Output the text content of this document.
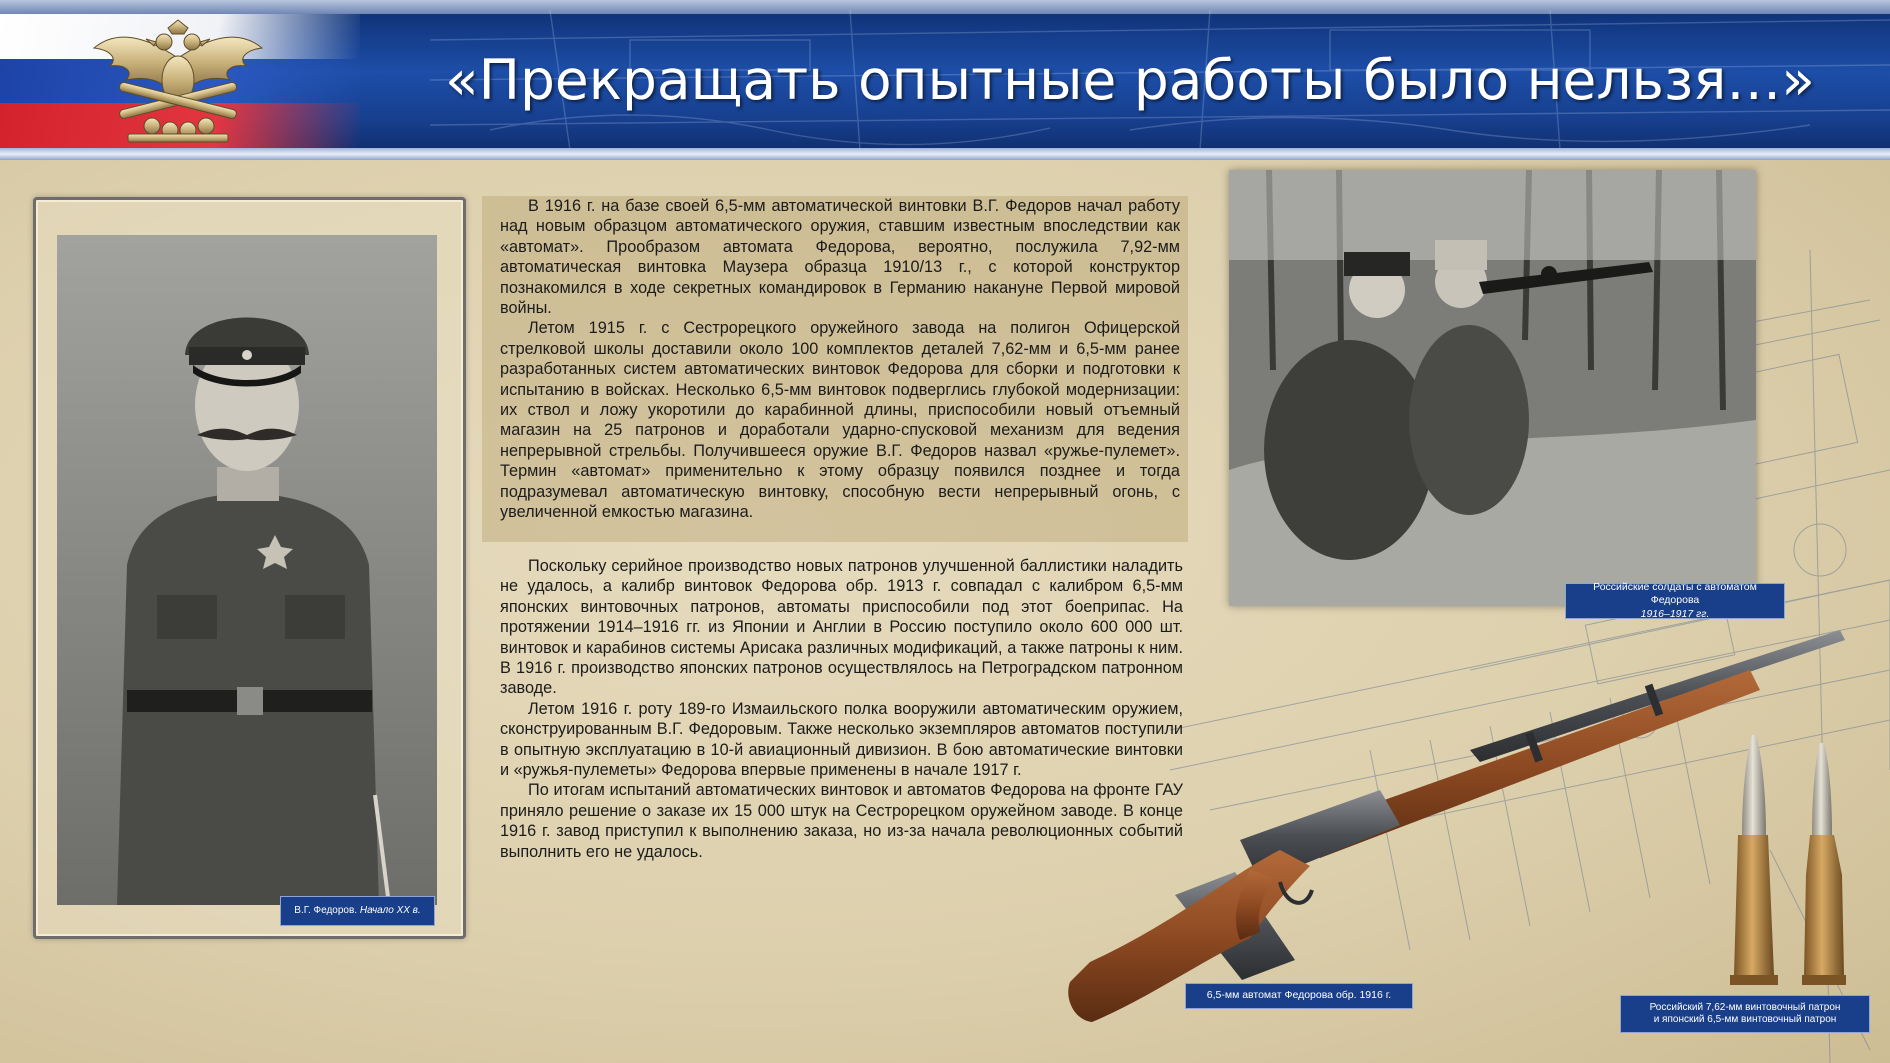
«Прекращать опытные работы было нельзя…»
В.Г. Федоров. Начало XX в.

В 1916 г. на базе своей 6,5-мм автоматической винтовки В.Г. Федоров начал работу над новым образцом автоматического оружия, ставшим известным впоследствии как «автомат». Прообразом автомата Федорова, вероятно, послужила 7,92-мм автоматическая винтовка Маузера образца 1910/13 г., с которой конструктор познакомился в ходе секретных командировок в Германию накануне Первой мировой войны.

Летом 1915 г. с Сестрорецкого оружейного завода на полигон Офицерской стрелковой школы доставили около 100 комплектов деталей 7,62-мм и 6,5-мм ранее разработанных систем автоматических винтовок Федорова для сборки и подготовки к испытанию в войсках. Несколько 6,5-мм винтовок подверглись глубокой модернизации: их ствол и ложу укоротили до карабинной длины, приспособили новый отъемный магазин на 25 патронов и доработали ударно-спусковой механизм для ведения непрерывной стрельбы. Получившееся оружие В.Г. Федоров назвал «ружье-пулемет». Термин «автомат» применительно к этому образцу появился позднее и тогда подразумевал автоматическую винтовку, способную вести непрерывный огонь, с увеличенной емкостью магазина.

Поскольку серийное производство новых патронов улучшенной баллистики наладить не удалось, а калибр винтовок Федорова обр. 1913 г. совпадал с калибром 6,5-мм японских винтовочных патронов, автоматы приспособили под этот боеприпас. На протяжении 1914–1916 гг. из Японии и Англии в Россию поступило около 600 000 шт. винтовок и карабинов системы Арисака различных модификаций, а также патроны к ним. В 1916 г. производство японских патронов осуществлялось на Петроградском патронном заводе.

Летом 1916 г. роту 189-го Измаильского полка вооружили автоматическим оружием, сконструированным В.Г. Федоровым. Также несколько экземпляров автоматов поступили в опытную эксплуатацию в 10-й авиационный дивизион. В бою автоматические винтовки и «ружья-пулеметы» Федорова впервые применены в начале 1917 г.

По итогам испытаний автоматических винтовок и автоматов Федорова на фронте ГАУ приняло решение о заказе их 15 000 штук на Сестрорецком оружейном заводе. В конце 1916 г. завод приступил к выполнению заказа, но из-за начала революционных событий выполнить его не удалось.

Российские солдаты с автоматом Федорова
1916–1917 гг.
6,5-мм автомат Федорова обр. 1916 г.
Российский 7,62-мм винтовочный патрон
и японский 6,5-мм винтовочный патрон
